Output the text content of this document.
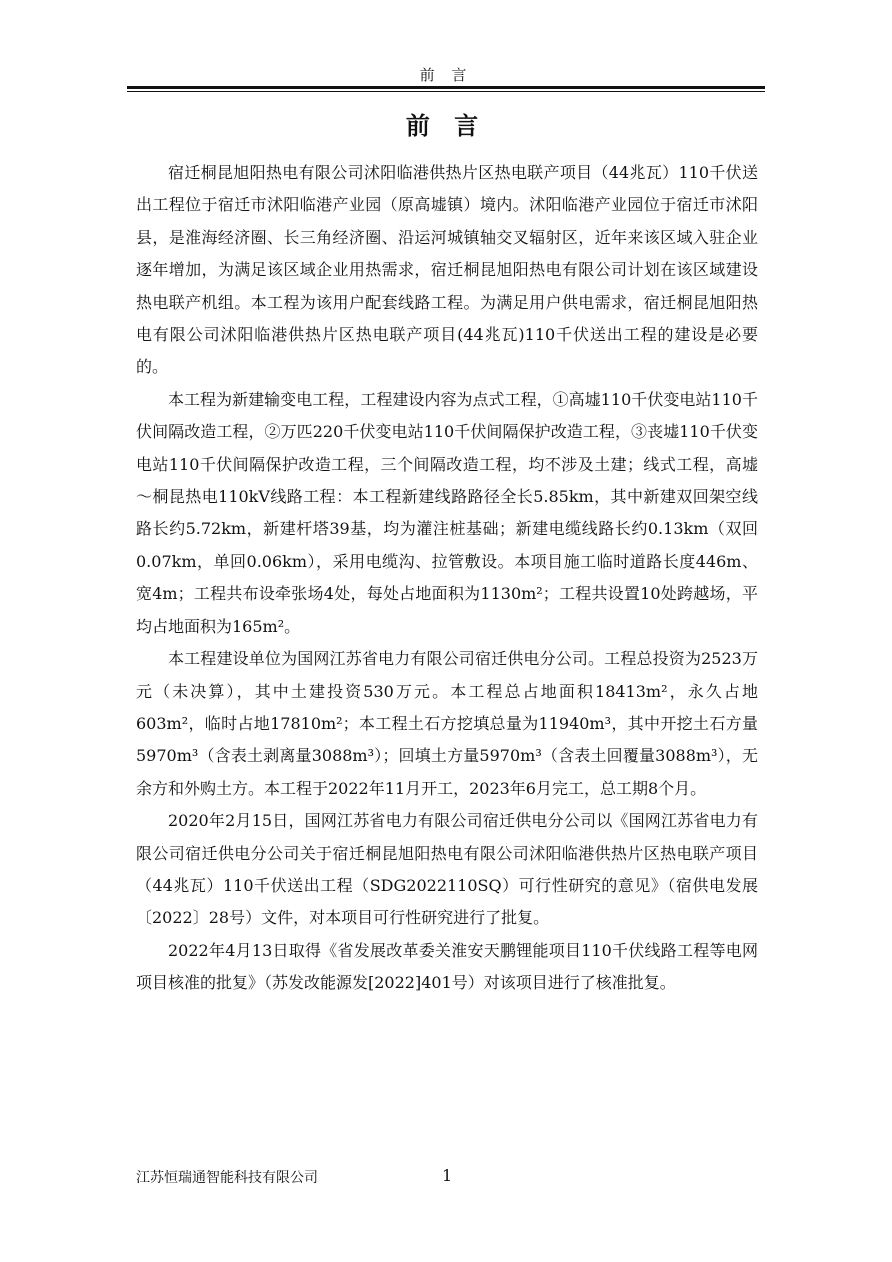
前 言
前 言

宿迁桐昆旭阳热电有限公司沭阳临港供热片区热电联产项目（44兆瓦）110千伏送出工程位于宿迁市沭阳临港产业园（原高墟镇）境内。沭阳临港产业园位于宿迁市沭阳县，是淮海经济圈、长三角经济圈、沿运河城镇轴交叉辐射区，近年来该区域入驻企业逐年增加，为满足该区域企业用热需求，宿迁桐昆旭阳热电有限公司计划在该区域建设热电联产机组。本工程为该用户配套线路工程。为满足用户供电需求，宿迁桐昆旭阳热电有限公司沭阳临港供热片区热电联产项目(44兆瓦)110千伏送出工程的建设是必要的。

本工程为新建输变电工程，工程建设内容为点式工程，①高墟110千伏变电站110千伏间隔改造工程，②万匹220千伏变电站110千伏间隔保护改造工程，③丧墟110千伏变电站110千伏间隔保护改造工程，三个间隔改造工程，均不涉及土建；线式工程，高墟～桐昆热电110kV线路工程：本工程新建线路路径全长5.85km，其中新建双回架空线路长约5.72km，新建杆塔39基，均为灌注桩基础；新建电缆线路长约0.13km（双回0.07km，单回0.06km），采用电缆沟、拉管敷设。本项目施工临时道路长度446m、宽4m；工程共布设牵张场4处，每处占地面积为1130m²；工程共设置10处跨越场，平均占地面积为165m²。

本工程建设单位为国网江苏省电力有限公司宿迁供电分公司。工程总投资为2523万元（未决算），其中土建投资530万元。本工程总占地面积18413m²，永久占地603m²，临时占地17810m²；本工程土石方挖填总量为11940m³，其中开挖土石方量5970m³（含表土剥离量3088m³）；回填土方量5970m³（含表土回覆量3088m³），无余方和外购土方。本工程于2022年11月开工，2023年6月完工，总工期8个月。

2020年2月15日，国网江苏省电力有限公司宿迁供电分公司以《国网江苏省电力有限公司宿迁供电分公司关于宿迁桐昆旭阳热电有限公司沭阳临港供热片区热电联产项目（44兆瓦）110千伏送出工程（SDG2022110SQ）可行性研究的意见》（宿供电发展〔2022〕28号）文件，对本项目可行性研究进行了批复。

2022年4月13日取得《省发展改革委关淮安天鹏锂能项目110千伏线路工程等电网项目核准的批复》（苏发改能源发[2022]401号）对该项目进行了核准批复。

江苏恒瑞通智能科技有限公司	1
